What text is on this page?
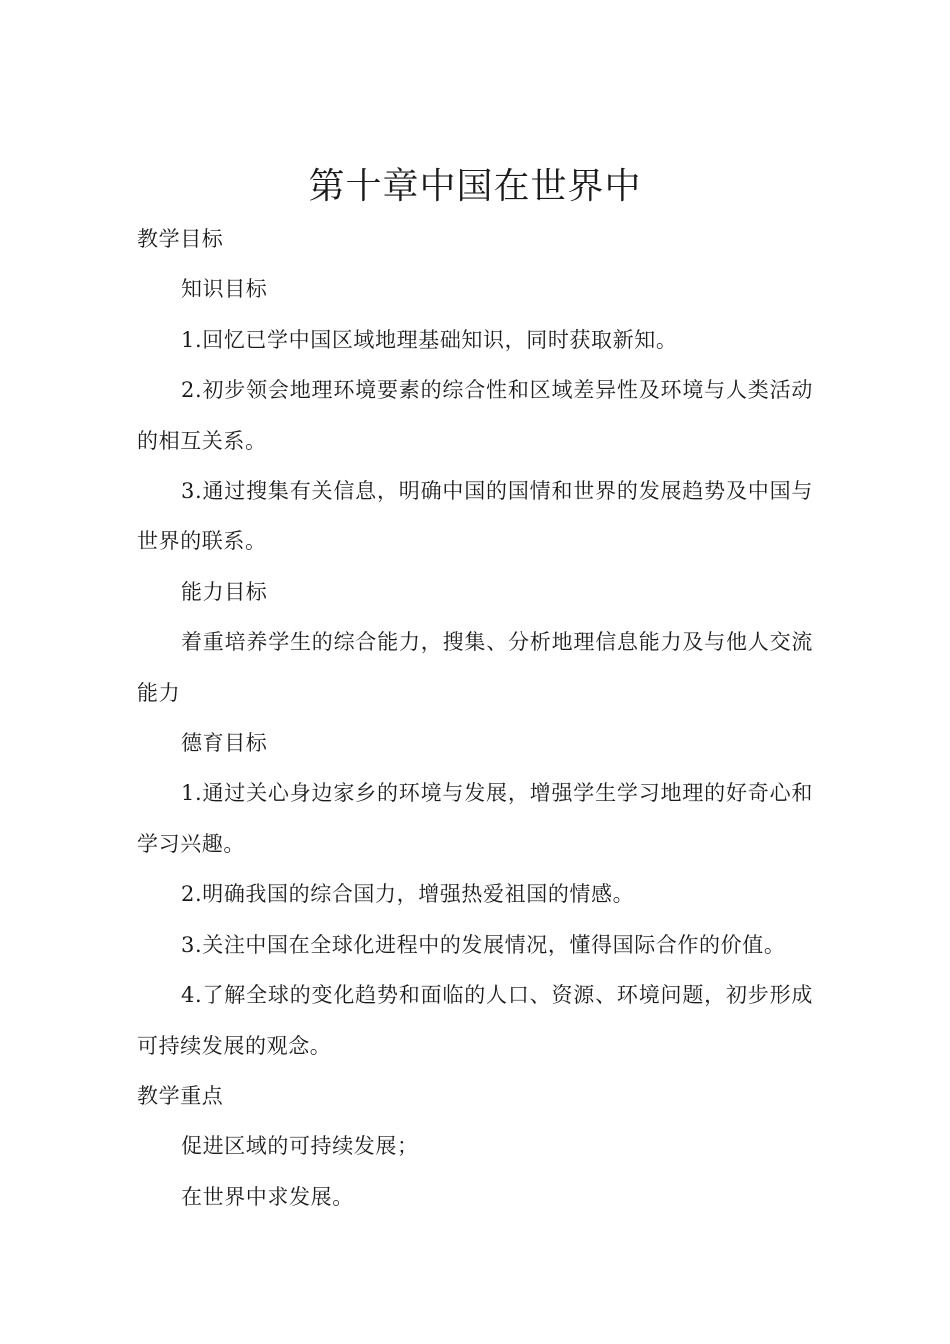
第十章中国在世界中

教学目标

知识目标

1.回忆已学中国区域地理基础知识，同时获取新知。

2.初步领会地理环境要素的综合性和区域差异性及环境与人类活动的相互关系。

3.通过搜集有关信息，明确中国的国情和世界的发展趋势及中国与世界的联系。

能力目标

着重培养学生的综合能力，搜集、分析地理信息能力及与他人交流能力

德育目标

1.通过关心身边家乡的环境与发展，增强学生学习地理的好奇心和学习兴趣。

2.明确我国的综合国力，增强热爱祖国的情感。

3.关注中国在全球化进程中的发展情况，懂得国际合作的价值。

4.了解全球的变化趋势和面临的人口、资源、环境问题，初步形成可持续发展的观念。

教学重点

促进区域的可持续发展；

在世界中求发展。
